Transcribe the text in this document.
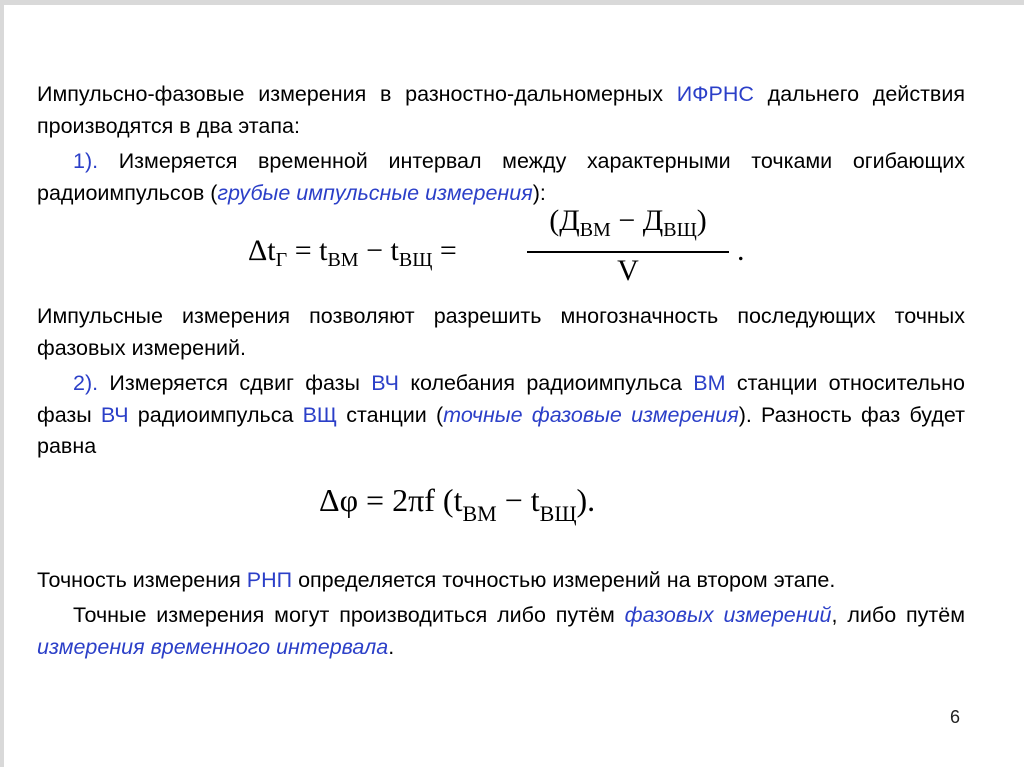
Импульсно-фазовые измерения в разностно-дальномерных ИФРНС дальнего действия производятся в два этапа:

1). Измеряется временной интервал между характерными точками огибающих радиоимпульсов (грубые импульсные измерения):

$\Delta t_Г = t_{ВМ} - t_{ВЩ}$ =
$(Д_{ВМ} - Д_{ВЩ})$
V
.

Импульсные измерения позволяют разрешить многозначность последующих точных фазовых измерений.

2). Измеряется сдвиг фазы ВЧ колебания радиоимпульса ВМ станции относительно фазы ВЧ радиоимпульса ВЩ станции (точные фазовые измерения). Разность фаз будет равна

Δφ = 2πf $(t_{ВМ} - t_{ВЩ})$.

Точность измерения РНП определяется точностью измерений на втором этапе.

Точные измерения могут производиться либо путём фазовых измерений, либо путём измерения временного интервала.

6
